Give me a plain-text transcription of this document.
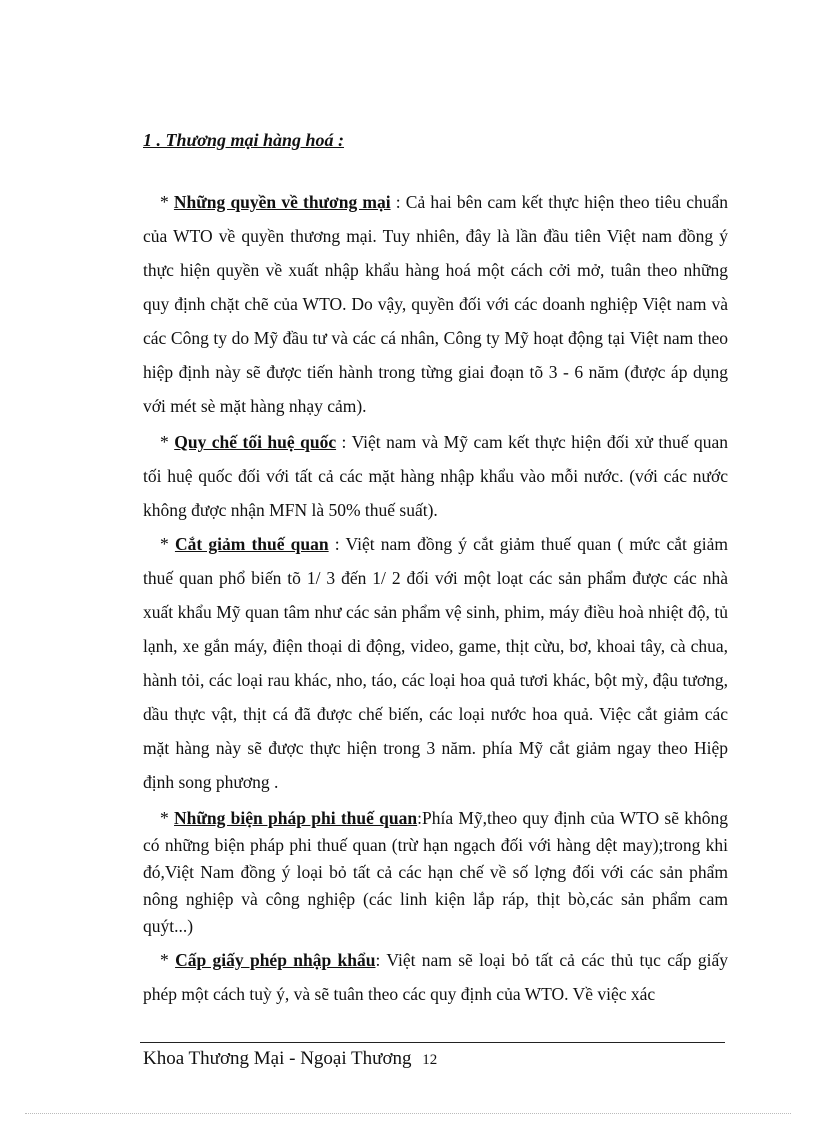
1 . Thương mại hàng hoá :

* Những quyền về thương mại : Cả hai bên cam kết thực hiện theo tiêu chuẩn của WTO về quyền thương mại. Tuy nhiên, đây là lần đầu tiên Việt nam đồng ý thực hiện quyền về xuất nhập khẩu hàng hoá một cách cởi mở, tuân theo những quy định chặt chẽ của WTO. Do vậy, quyền đối với các doanh nghiệp Việt nam và các Công ty do Mỹ đầu tư và các cá nhân, Công ty Mỹ hoạt động tại Việt nam theo hiệp định này sẽ được tiến hành trong từng giai đoạn tõ 3 - 6 năm (được áp dụng với mét sè mặt hàng nhạy cảm).

* Quy chế tối huệ quốc : Việt nam và Mỹ cam kết thực hiện đối xử thuế quan tối huệ quốc đối với tất cả các mặt hàng nhập khẩu vào mỗi nước. (với các nước không được nhận MFN là 50% thuế suất).

* Cắt giảm thuế quan : Việt nam đồng ý cắt giảm thuế quan ( mức cắt giảm thuế quan phổ biến tõ 1/ 3 đến 1/ 2 đối với một loạt các sản phẩm được các nhà xuất khẩu Mỹ quan tâm như các sản phẩm vệ sinh, phim, máy điều hoà nhiệt độ, tủ lạnh, xe gắn máy, điện thoại di động, video, game, thịt cừu, bơ, khoai tây, cà chua, hành tỏi, các loại rau khác, nho, táo, các loại hoa quả tươi khác, bột mỳ, đậu tương, dầu thực vật, thịt cá đã được chế biến, các loại nước hoa quả. Việc cắt giảm các mặt hàng này sẽ được thực hiện trong 3 năm. phía Mỹ cắt giảm ngay theo Hiệp định song phương .

* Những biện pháp phi thuế quan:Phía Mỹ,theo quy định của WTO sẽ không có những biện pháp phi thuế quan (trừ hạn ngạch đối với hàng dệt may);trong khi đó,Việt Nam đồng ý loại bỏ tất cả các hạn chế về số lợng đối với các sản phẩm nông nghiệp và công nghiệp (các linh kiện lắp ráp, thịt bò,các sản phẩm cam quýt...)

* Cấp giấy phép nhập khẩu: Việt nam sẽ loại bỏ tất cả các thủ tục cấp giấy phép một cách tuỳ ý, và sẽ tuân theo các quy định của WTO. Về việc xác

Khoa Thương Mại - Ngoại Thương 12
